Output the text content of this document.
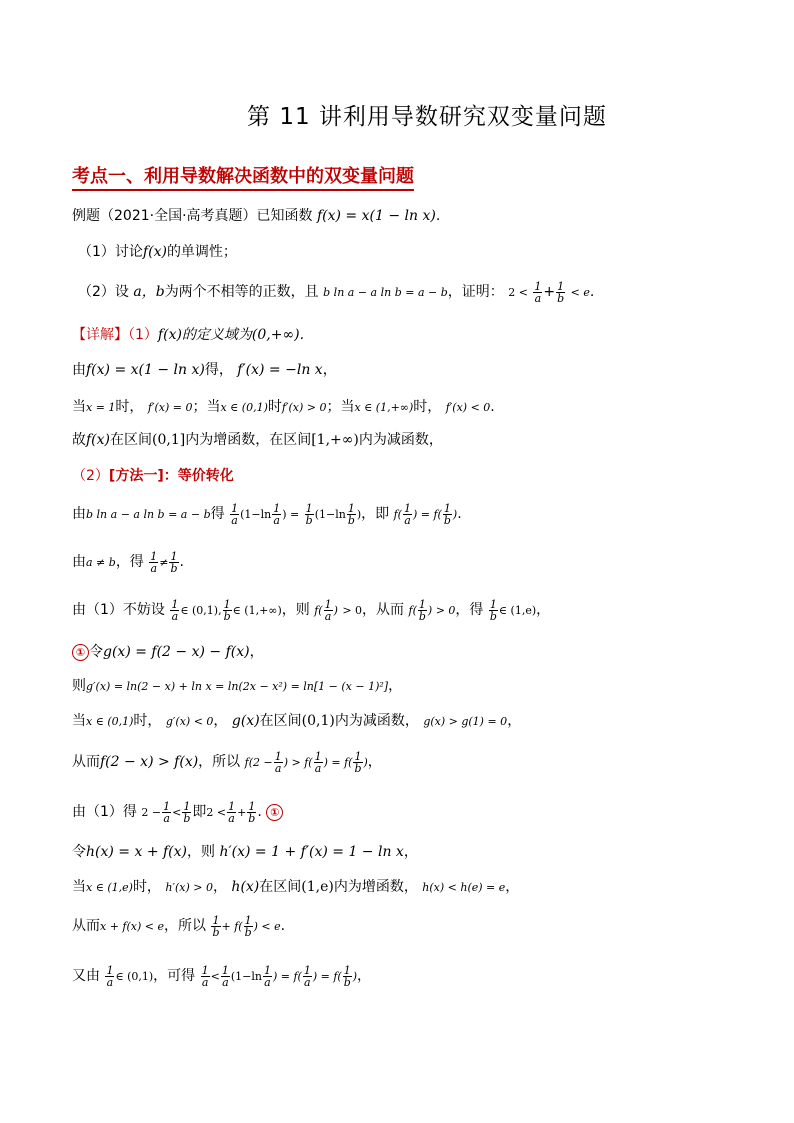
第 11 讲利用导数研究双变量问题
考点一、利用导数解决函数中的双变量问题
例题（2021·全国·高考真题）已知函数 f(x) = x(1 − ln x).
（1）讨论f(x)的单调性；
（2）设 a，b为两个不相等的正数，且 b ln a − a ln b = a − b，证明： $2 < \frac{1}{a} + \frac{1}{b} < e$.
【详解】（1）f(x)的定义域为(0,+∞).
由f(x) = x(1 − ln x)得， f′(x) = −ln x，
当x = 1时， f′(x) = 0；当x ∈ (0,1)时f′(x) > 0；当x ∈ (1,+∞)时， f′(x) < 0.
故f(x)在区间(0,1]内为增函数，在区间[1,+∞)内为减函数，
（2）[方法一]：等价转化
由b ln a − a ln b = a − b得 $\frac{1}{a} (1-\ln \frac{1}{a}$ ) = $\frac{1}{b} (1-\ln \frac{1}{b}$ )，即 $f( \frac{1}{a}$ ) = $f( \frac{1}{b}$ ).
由a ≠ b，得 $\frac{1}{a} \ne \frac{1}{b}$ .
由（1）不妨设 $\frac{1}{a}$ ∈ (0,1), $\frac{1}{b}$ ∈ (1,+∞)，则 $f( \frac{1}{a}$ ) > 0，从而 $f( \frac{1}{b}$ ) > 0，得 $\frac{1}{b}$ ∈ (1,e)，
① 令g(x) = f(2 − x) − f(x)，
则g′(x) = ln(2 − x) + ln x = ln(2x − x²) = ln[1 − (x − 1)²]，
当x ∈ (0,1)时， g′(x) < 0， g(x)在区间(0,1)内为减函数， g(x) > g(1) = 0，
从而f(2 − x) > f(x)，所以 $f(2 - \frac{1}{a}$ ) > $f( \frac{1}{a}$ ) = $f( \frac{1}{b}$ )，
由（1）得 $2 - \frac{1}{a} < \frac{1}{b}$ 即$2 < \frac{1}{a} + \frac{1}{b}$ . ①
令h(x) = x + f(x)，则 h′(x) = 1 + f′(x) = 1 − ln x，
当x ∈ (1,e)时， h′(x) > 0， h(x)在区间(1,e)内为增函数， h(x) < h(e) = e，
从而x + f(x) < e，所以 $\frac{1}{b} + f( \frac{1}{b}$ ) < e.
又由 $\frac{1}{a}$ ∈ (0,1)，可得 $\frac{1}{a} < \frac{1}{a} (1-\ln \frac{1}{a}$ ) = $f( \frac{1}{a}$ ) = $f( \frac{1}{b}$ )，
